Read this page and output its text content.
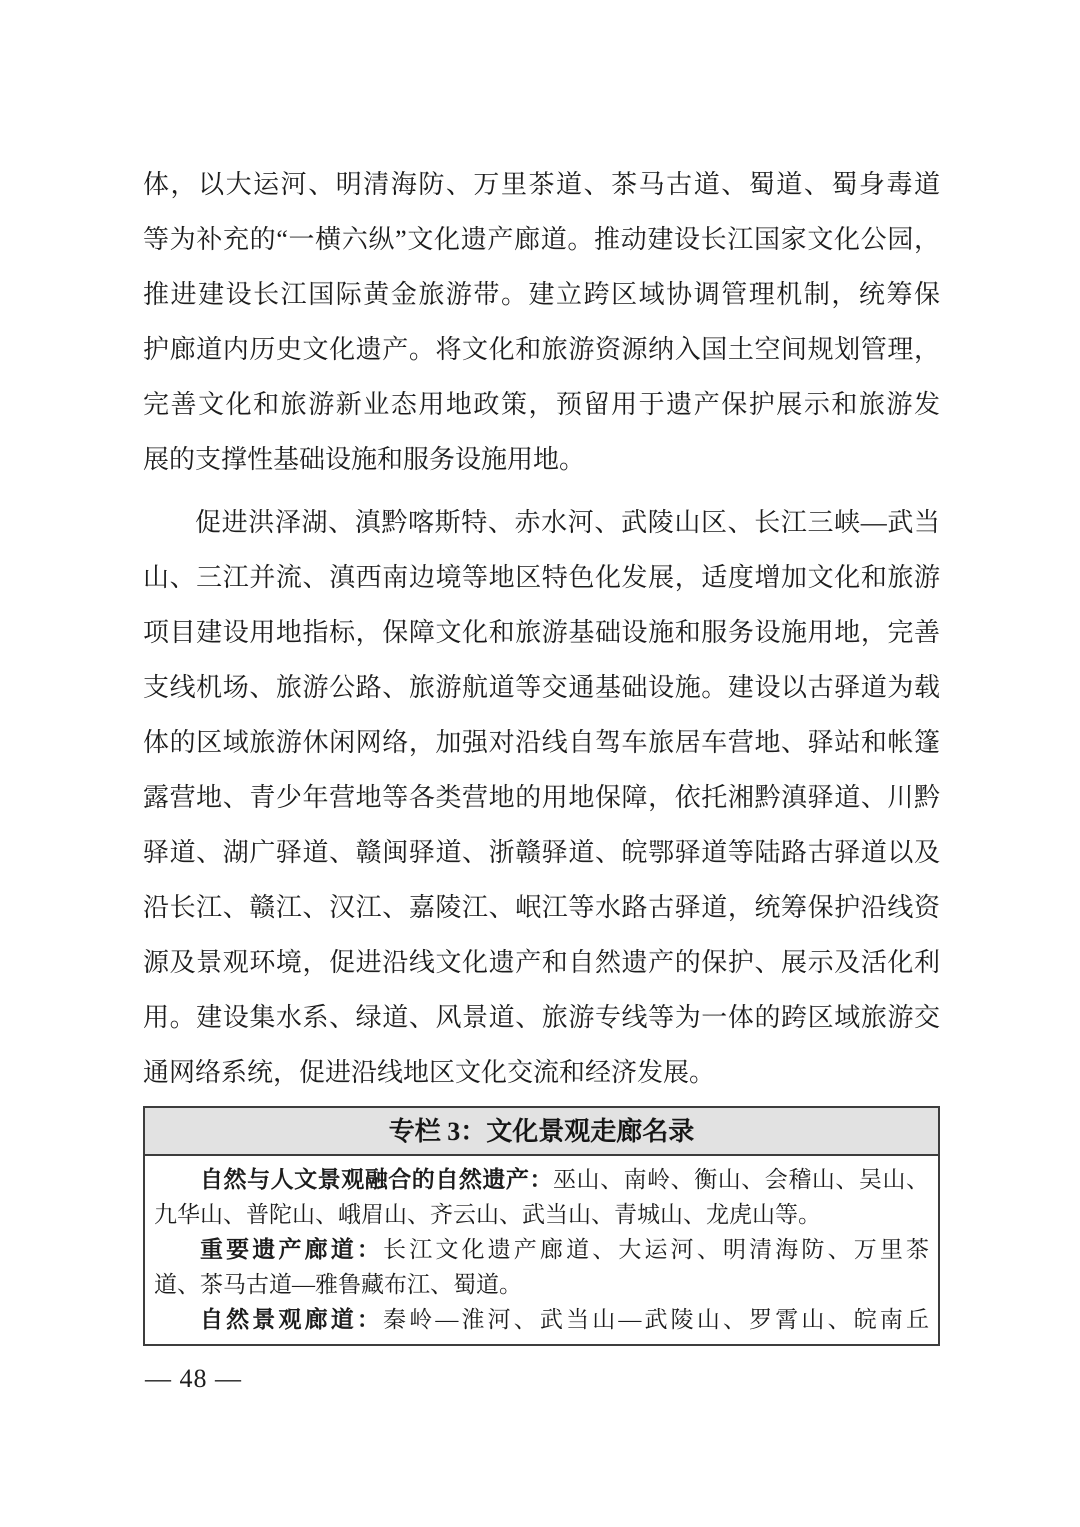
体，以大运河、明清海防、万里茶道、茶马古道、蜀道、蜀身毒道
等为补充的“一横六纵”文化遗产廊道。推动建设长江国家文化公园，
推进建设长江国际黄金旅游带。建立跨区域协调管理机制，统筹保
护廊道内历史文化遗产。将文化和旅游资源纳入国土空间规划管理，
完善文化和旅游新业态用地政策，预留用于遗产保护展示和旅游发
展的支撑性基础设施和服务设施用地。
促进洪泽湖、滇黔喀斯特、赤水河、武陵山区、长江三峡—武当
山、三江并流、滇西南边境等地区特色化发展，适度增加文化和旅游
项目建设用地指标，保障文化和旅游基础设施和服务设施用地，完善
支线机场、旅游公路、旅游航道等交通基础设施。建设以古驿道为载
体的区域旅游休闲网络，加强对沿线自驾车旅居车营地、驿站和帐篷
露营地、青少年营地等各类营地的用地保障，依托湘黔滇驿道、川黔
驿道、湖广驿道、赣闽驿道、浙赣驿道、皖鄂驿道等陆路古驿道以及
沿长江、赣江、汉江、嘉陵江、岷江等水路古驿道，统筹保护沿线资
源及景观环境，促进沿线文化遗产和自然遗产的保护、展示及活化利
用。建设集水系、绿道、风景道、旅游专线等为一体的跨区域旅游交
通网络系统，促进沿线地区文化交流和经济发展。
专栏 3：文化景观走廊名录
自然与人文景观融合的自然遗产：巫山、南岭、衡山、会稽山、吴山、
九华山、普陀山、峨眉山、齐云山、武当山、青城山、龙虎山等。
重要遗产廊道：长江文化遗产廊道、大运河、明清海防、万里茶
道、茶马古道—雅鲁藏布江、蜀道。
自然景观廊道：秦岭—淮河、武当山—武陵山、罗霄山、皖南丘
— 48 —
